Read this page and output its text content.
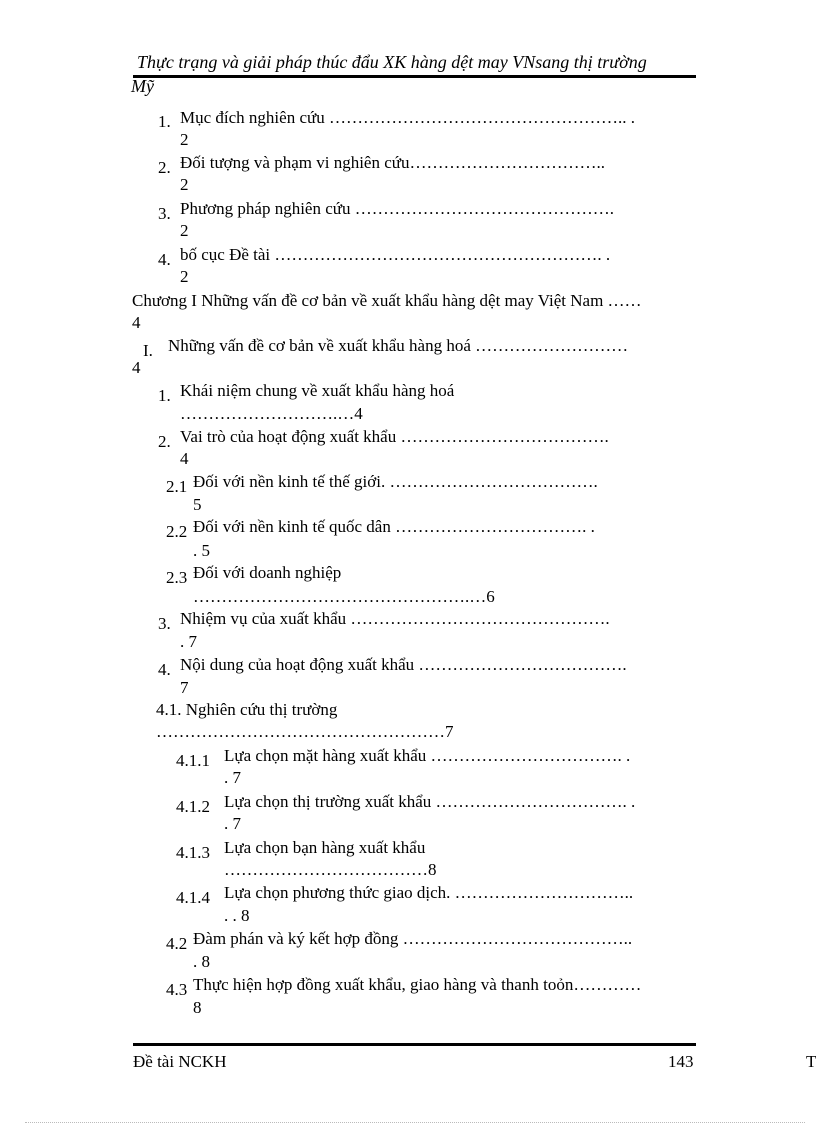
Thực trạng và giải pháp thúc đẩu XK hàng dệt may VNsang thị trường
Mỹ
1. Mục đích nghiên cứu …………………………………………….. .
2
2. Đối tượng và phạm vi nghiên cứu……………………………..
2
3. Phương pháp nghiên cứu ……………………………………….
2
4. bố cục Đề tài …………………………………………………. .
2
Chương I Những vấn đề cơ bản về xuất khẩu hàng dệt may Việt Nam ……
4
I. Những vấn đề cơ bản về xuất khẩu hàng hoá ………………………
4
1. Khái niệm chung về xuất khẩu hàng hoá
……………………….…4
2. Vai trò của hoạt động xuất khẩu ……………………………….
4
2.1 Đối với nền kinh tế thế giới. ……………………………….
5
2.2 Đối với nền kinh tế quốc dân ……………………………. .
. 5
2.3 Đối với doanh nghiệp
………………………………………….…6
3. Nhiệm vụ của xuất khẩu ……………………………………….
. 7
4. Nội dung của hoạt động xuất khẩu ……………………………….
7
4.1. Nghiên cứu thị trường
……………………………………………7
4.1.1 Lựa chọn mặt hàng xuất khẩu ……………………………. .
. 7
4.1.2 Lựa chọn thị trường xuất khẩu ……………………………. .
. 7
4.1.3 Lựa chọn bạn hàng xuất khẩu
………………………………8
4.1.4 Lựa chọn phương thức giao dịch. …………………………..
. . 8
4.2 Đàm phán và ký kết hợp đồng …………………………………..
. 8
4.3 Thực hiện hợp đồng xuất khẩu, giao hàng và thanh toỏn…………
8
Đề tài NCKH	143	T
